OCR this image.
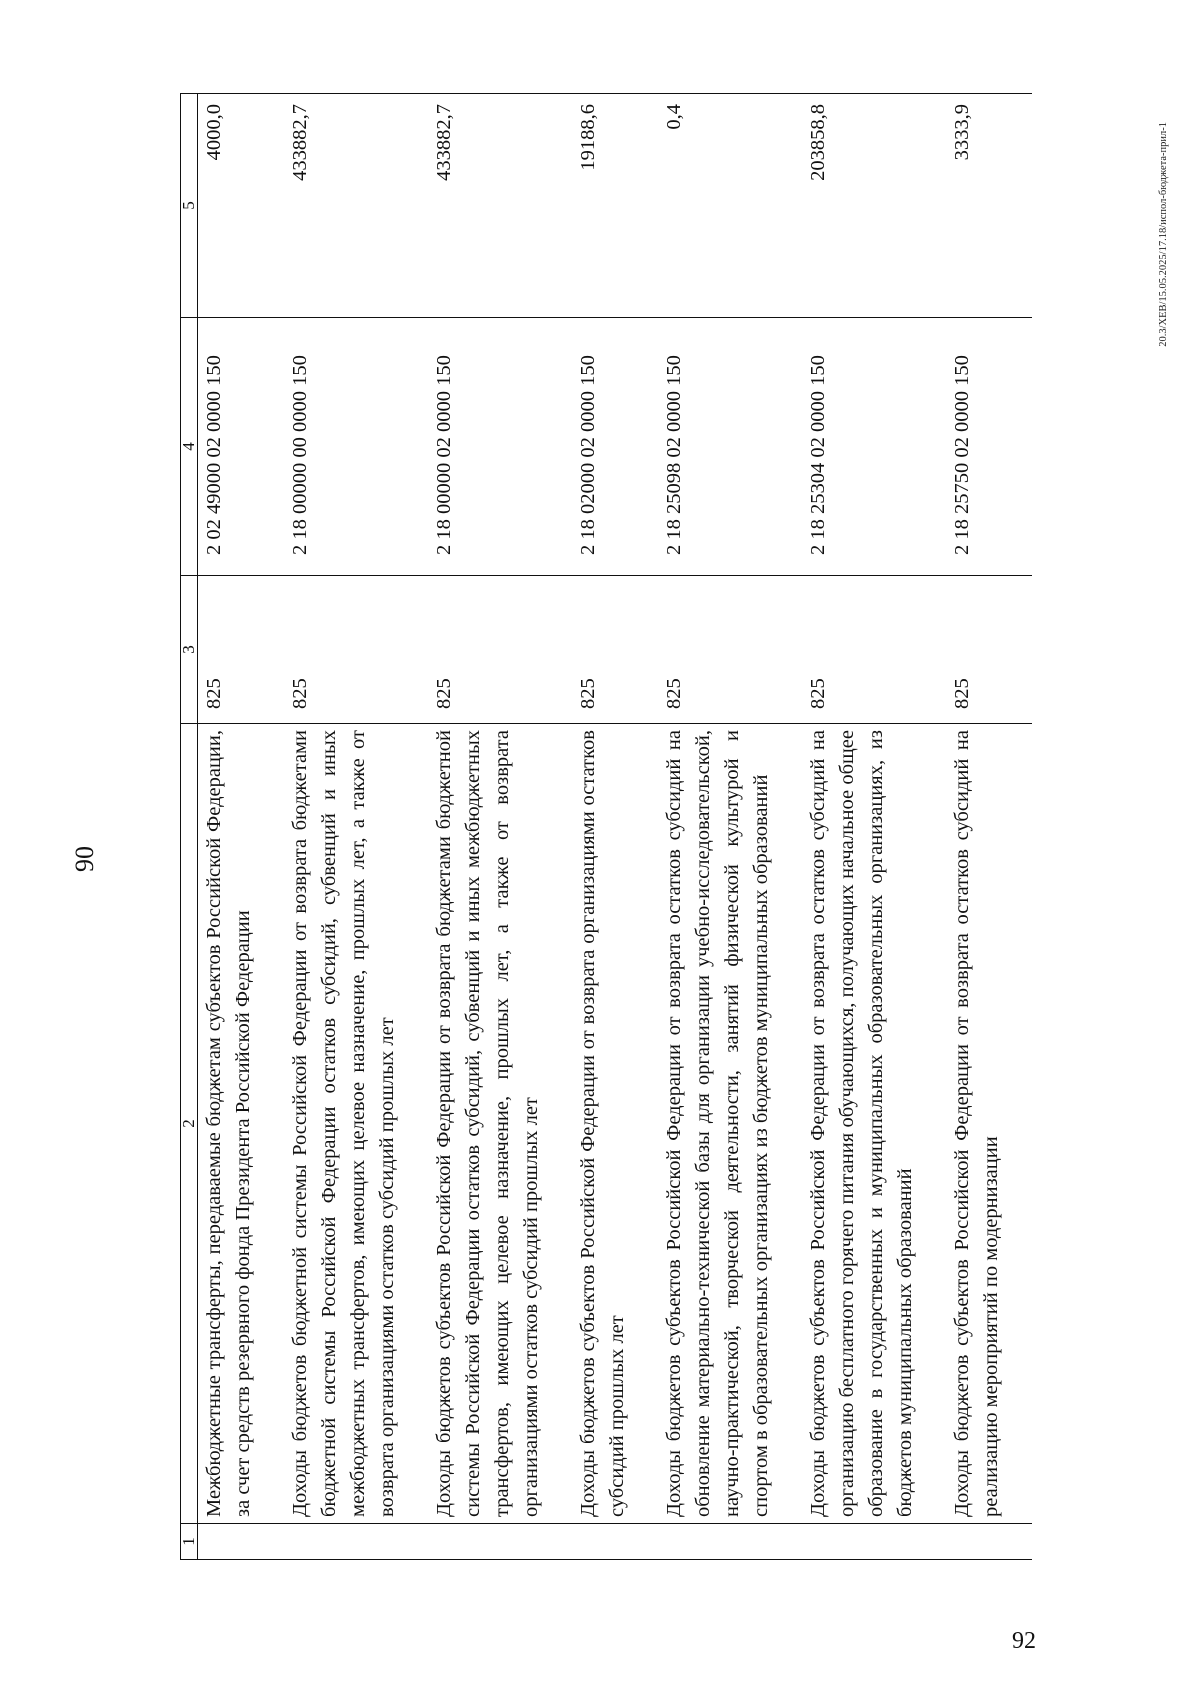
90
1	2	3	4	5
	Межбюджетные трансферты, передаваемые бюджетам субъектов Российской Федерации, за счет средств резервного фонда Президента Российской Федерации	825	2 02 49000 02 0000 150	4000,0
	Доходы бюджетов бюджетной системы Российской Федерации от возврата бюджетами бюджетной системы Российской Федерации остатков субсидий, субвенций и иных межбюджетных трансфертов, имеющих целевое назначение, прошлых лет, а также от возврата организациями остатков субсидий прошлых лет	825	2 18 00000 00 0000 150	433882,7
	Доходы бюджетов субъектов Российской Федерации от возврата бюджетами бюджетной системы Российской Федерации остатков субсидий, субвенций и иных межбюджетных трансфертов, имеющих целевое назначение, прошлых лет, а также от возврата организациями остатков субсидий прошлых лет	825	2 18 00000 02 0000 150	433882,7
	Доходы бюджетов субъектов Российской Федерации от возврата организациями остатков субсидий прошлых лет	825	2 18 02000 02 0000 150	19188,6
	Доходы бюджетов субъектов Российской Федерации от возврата остатков субсидий на обновление материально-технической базы для организации учебно-исследовательской, научно-практической, творческой деятельности, занятий физической культурой и спортом в образовательных организациях из бюджетов муниципальных образований	825	2 18 25098 02 0000 150	0,4
	Доходы бюджетов субъектов Российской Федерации от возврата остатков субсидий на организацию бесплатного горячего питания обучающихся, получающих начальное общее образование в государственных и муниципальных образовательных организациях, из бюджетов муниципальных образований	825	2 18 25304 02 0000 150	203858,8
	Доходы бюджетов субъектов Российской Федерации от возврата остатков субсидий на реализацию мероприятий по модернизации	825	2 18 25750 02 0000 150	3333,9	20.3/ХЕВ/15.05.2025/17.18/испол-бюджета-прил-1
92
